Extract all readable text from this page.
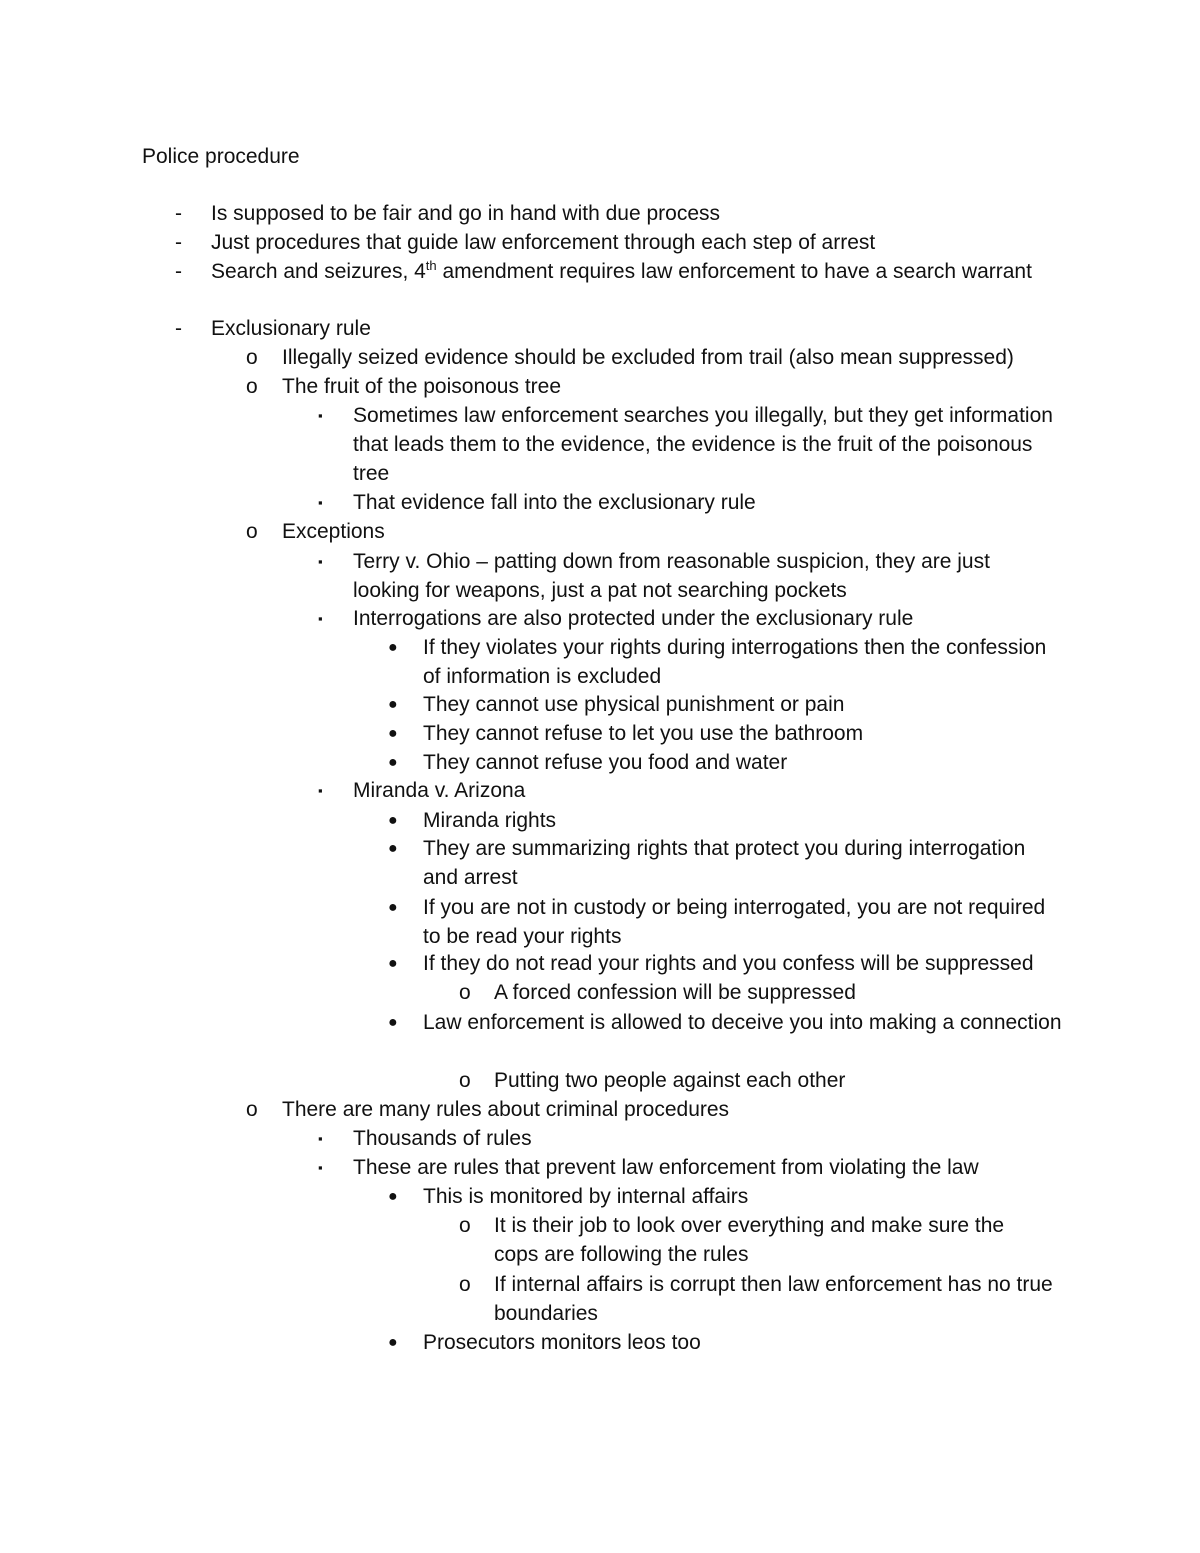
Police procedure
- Is supposed to be fair and go in hand with due process
- Just procedures that guide law enforcement through each step of arrest
- Search and seizures, 4th amendment requires law enforcement to have a search warrant
- Exclusionary rule
o Illegally seized evidence should be excluded from trail (also mean suppressed)
o The fruit of the poisonous tree
▪ Sometimes law enforcement searches you illegally, but they get information that leads them to the evidence, the evidence is the fruit of the poisonous tree
▪ That evidence fall into the exclusionary rule
o Exceptions
▪ Terry v. Ohio – patting down from reasonable suspicion, they are just looking for weapons, just a pat not searching pockets
▪ Interrogations are also protected under the exclusionary rule
● If they violates your rights during interrogations then the confession of information is excluded
● They cannot use physical punishment or pain
● They cannot refuse to let you use the bathroom
● They cannot refuse you food and water
▪ Miranda v. Arizona
● Miranda rights
● They are summarizing rights that protect you during interrogation and arrest
● If you are not in custody or being interrogated, you are not required to be read your rights
● If they do not read your rights and you confess will be suppressed
o A forced confession will be suppressed
● Law enforcement is allowed to deceive you into making a connection
o Putting two people against each other
o There are many rules about criminal procedures
▪ Thousands of rules
▪ These are rules that prevent law enforcement from violating the law
● This is monitored by internal affairs
o It is their job to look over everything and make sure the cops are following the rules
o If internal affairs is corrupt then law enforcement has no true boundaries
● Prosecutors monitors leos too
